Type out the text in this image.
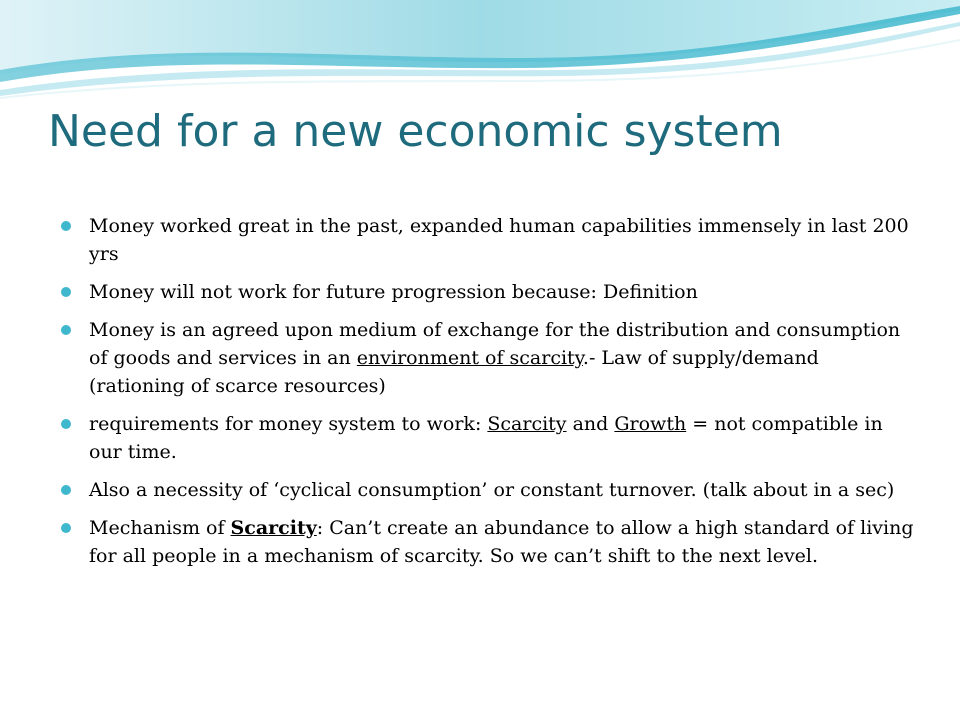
Need for a new economic system
Money worked great in the past, expanded human capabilities immensely in last 200 yrs
Money will not work for future progression because: Definition
Money is an agreed upon medium of exchange for the distribution and consumption of goods and services in an environment of scarcity.- Law of supply/demand (rationing of scarce resources)
requirements for money system to work: Scarcity and Growth = not compatible in our time.
Also a necessity of ‘cyclical consumption’ or constant turnover. (talk about in a sec)
Mechanism of Scarcity: Can’t create an abundance to allow a high standard of living for all people in a mechanism of scarcity. So we can’t shift to the next level.
